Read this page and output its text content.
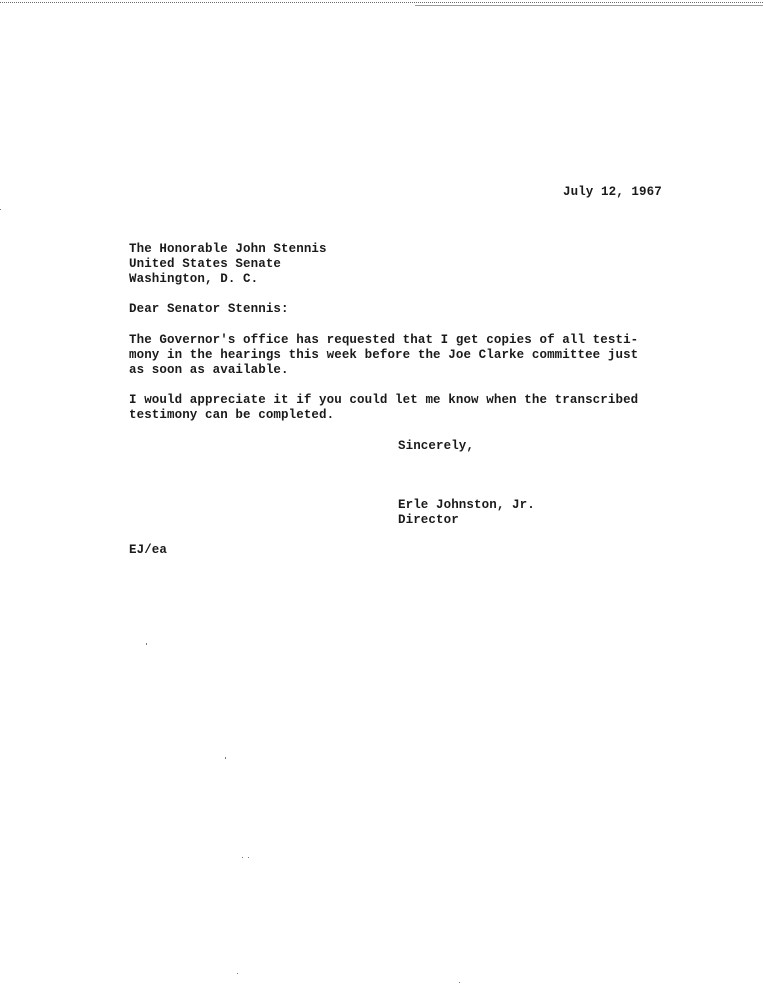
July 12, 1967
The Honorable John Stennis
United States Senate
Washington, D. C.
Dear Senator Stennis:
The Governor's office has requested that I get copies of all testi-
mony in the hearings this week before the Joe Clarke committee just
as soon as available.
I would appreciate it if you could let me know when the transcribed
testimony can be completed.
Sincerely,
Erle Johnston, Jr.
Director
EJ/ea
